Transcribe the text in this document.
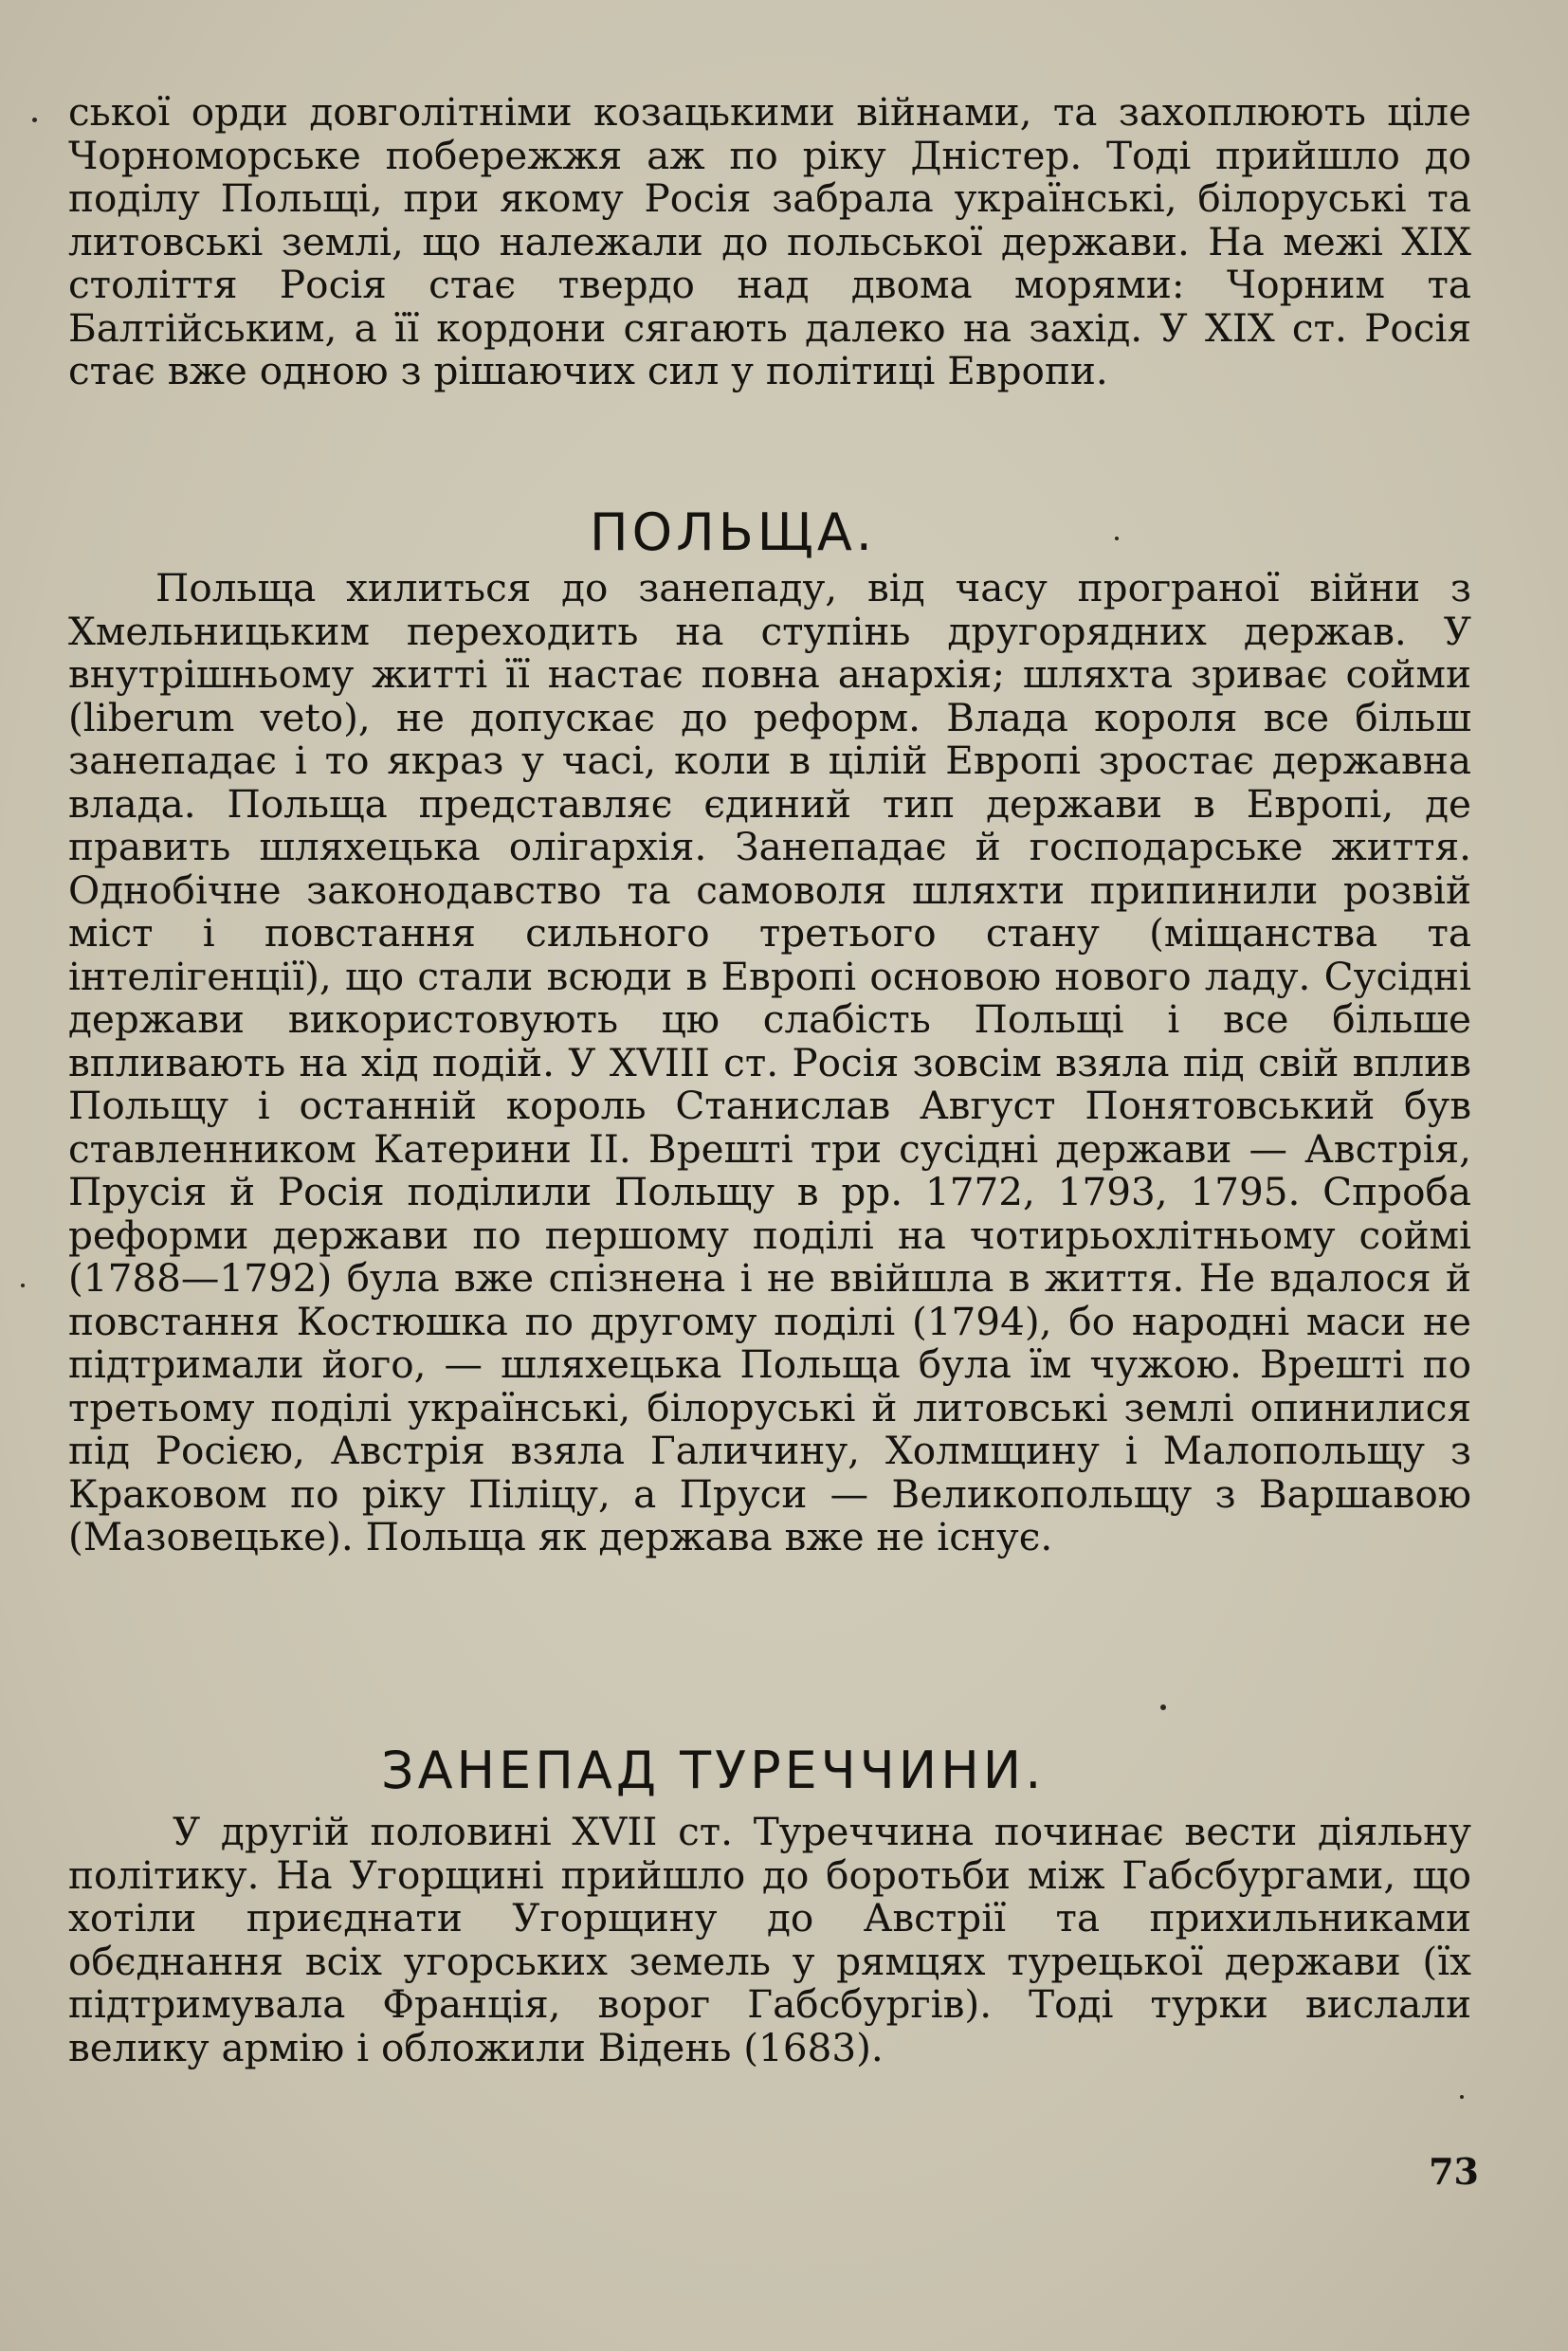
ської орди довголітніми козацькими війнами, та захоплюють ціле Чорноморське побережжя аж по ріку Дністер. Тоді прийшло до поділу Польщі, при якому Росія забрала українські, білоруські та литовські землі, що належали до польської держави. На межі XIX століття Росія стає твердо над двома морями: Чорним та Балтійським, а її кордони сягають далеко на захід. У XIX ст. Росія стає вже одною з рішаючих сил у політиці Европи.

ПОЛЬЩА.

Польща хилиться до занепаду, від часу програної війни з Хмельницьким переходить на ступінь другорядних держав. У внутрішньому житті її настає повна анархія; шляхта зриває сойми (liberum veto), не допускає до реформ. Влада короля все більш занепадає і то якраз у часі, коли в цілій Европі зростає державна влада. Польща представляє єдиний тип держави в Европі, де править шляхецька олігархія. Занепадає й господарське життя. Однобічне законодавство та самоволя шляхти припинили розвій міст і повстання сильного третього стану (міщанства та інтелігенції), що стали всюди в Европі основою нового ладу. Сусідні держави використовують цю слабість Польщі і все більше впливають на хід подій. У XVIII ст. Росія зовсім взяла під свій вплив Польщу і останній король Станислав Август Понятовський був ставленником Катерини II. Врешті три сусідні держави — Австрія, Прусія й Росія поділили Польщу в рр. 1772, 1793, 1795. Спроба реформи держави по першому поділі на чотирьохлітньому соймі (1788—1792) була вже спізнена і не ввійшла в життя. Не вдалося й повстання Костюшка по другому поділі (1794), бо народні маси не підтримали його, — шляхецька Польща була їм чужою. Врешті по третьому поділі українські, білоруські й литовські землі опинилися під Росією, Австрія взяла Галичину, Холмщину і Малопольщу з Краковом по ріку Піліцу, а Пруси — Великопольщу з Варшавою (Мазовецьке). Польща як держава вже не існує.

ЗАНЕПАД ТУРЕЧЧИНИ.

У другій половині XVII ст. Туреччина починає вести діяльну політику. На Угорщині прийшло до боротьби між Габсбургами, що хотіли приєднати Угорщину до Австрії та прихильниками обєднання всіх угорських земель у рямцях турецької держави (їх підтримувала Франція, ворог Габсбургів). Тоді турки вислали велику армію і обложили Відень (1683).

73
